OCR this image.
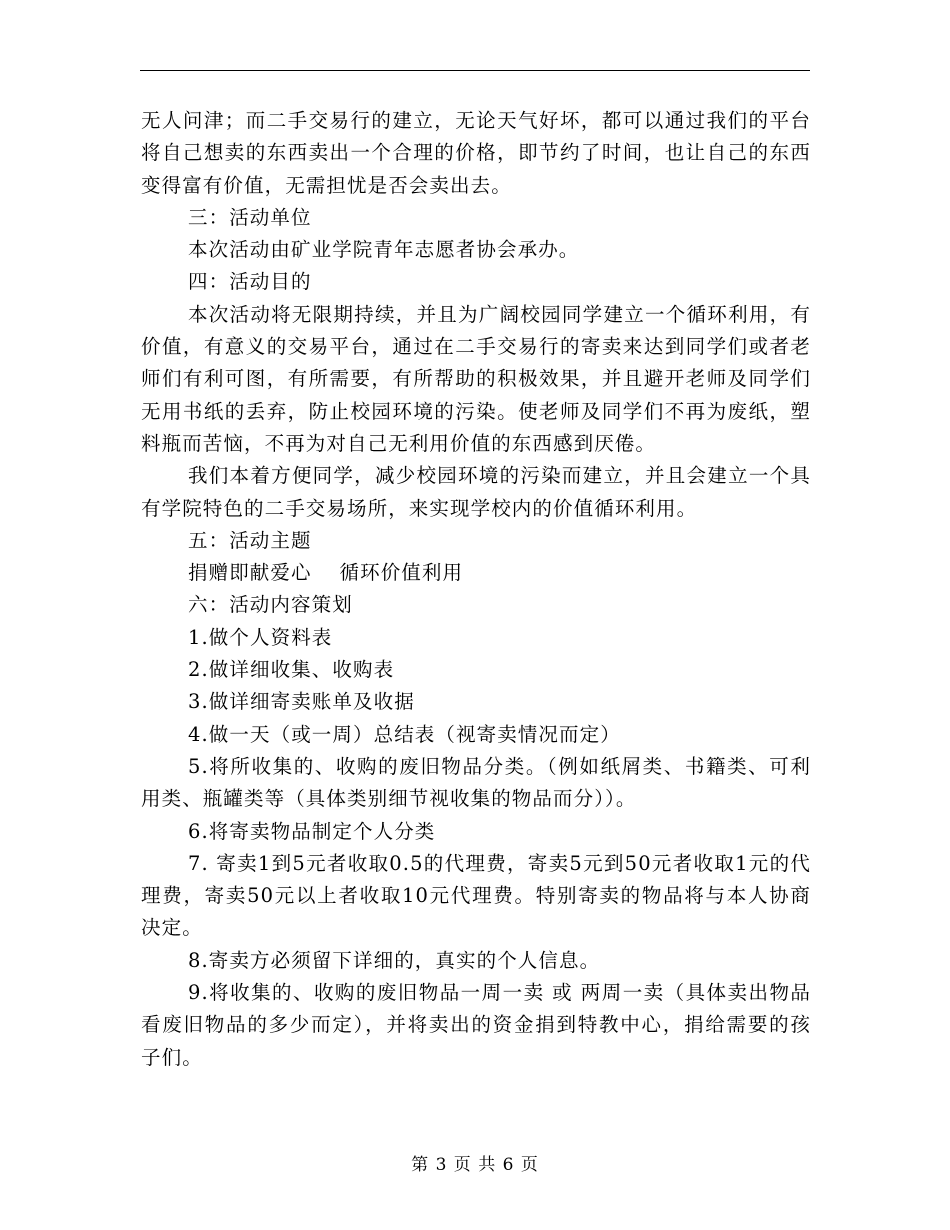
无人问津；而二手交易行的建立，无论天气好坏，都可以通过我们的平台将自己想卖的东西卖出一个合理的价格，即节约了时间，也让自己的东西变得富有价值，无需担忧是否会卖出去。

三：活动单位

本次活动由矿业学院青年志愿者协会承办。

四：活动目的

本次活动将无限期持续，并且为广阔校园同学建立一个循环利用，有价值，有意义的交易平台，通过在二手交易行的寄卖来达到同学们或者老师们有利可图，有所需要，有所帮助的积极效果，并且避开老师及同学们无用书纸的丢弃，防止校园环境的污染。使老师及同学们不再为废纸，塑料瓶而苦恼，不再为对自己无利用价值的东西感到厌倦。

我们本着方便同学，减少校园环境的污染而建立，并且会建立一个具有学院特色的二手交易场所，来实现学校内的价值循环利用。

五：活动主题

捐赠即献爱心　 循环价值利用

六：活动内容策划

1.做个人资料表

2.做详细收集、收购表

3.做详细寄卖账单及收据

4.做一天（或一周）总结表（视寄卖情况而定）

5.将所收集的、收购的废旧物品分类。（例如纸屑类、书籍类、可利用类、瓶罐类等（具体类别细节视收集的物品而分））。

6.将寄卖物品制定个人分类

7. 寄卖1到5元者收取0.5的代理费，寄卖5元到50元者收取1元的代理费，寄卖50元以上者收取10元代理费。特别寄卖的物品将与本人协商决定。

8.寄卖方必须留下详细的，真实的个人信息。

9.将收集的、收购的废旧物品一周一卖 或 两周一卖（具体卖出物品看废旧物品的多少而定），并将卖出的资金捐到特教中心，捐给需要的孩子们。

第 3 页 共 6 页
